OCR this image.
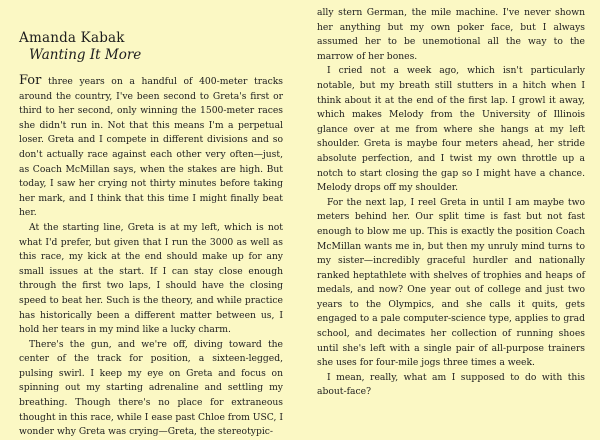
Amanda Kabak
Wanting It More

For three years on a handful of 400-meter tracks around the country, I've been second to Greta's first or third to her second, only winning the 1500-meter races she didn't run in. Not that this means I'm a perpetual loser. Greta and I compete in different divisions and so don't actually race against each other very often—just, as Coach McMillan says, when the stakes are high. But today, I saw her crying not thirty minutes before taking her mark, and I think that this time I might finally beat her.

At the starting line, Greta is at my left, which is not what I'd prefer, but given that I run the 3000 as well as this race, my kick at the end should make up for any small issues at the start. If I can stay close enough through the first two laps, I should have the closing speed to beat her. Such is the theory, and while practice has historically been a different matter between us, I hold her tears in my mind like a lucky charm.

There's the gun, and we're off, diving toward the center of the track for position, a sixteen-legged, pulsing swirl. I keep my eye on Greta and focus on spinning out my starting adrenaline and settling my breathing. Though there's no place for extraneous thought in this race, while I ease past Chloe from USC, I wonder why Greta was crying—Greta, the stereotypic-

ally stern German, the mile machine. I've never shown her anything but my own poker face, but I always assumed her to be unemotional all the way to the marrow of her bones.

I cried not a week ago, which isn't particularly notable, but my breath still stutters in a hitch when I think about it at the end of the first lap. I growl it away, which makes Melody from the University of Illinois glance over at me from where she hangs at my left shoulder. Greta is maybe four meters ahead, her stride absolute perfection, and I twist my own throttle up a notch to start closing the gap so I might have a chance. Melody drops off my shoulder.

For the next lap, I reel Greta in until I am maybe two meters behind her. Our split time is fast but not fast enough to blow me up. This is exactly the position Coach McMillan wants me in, but then my unruly mind turns to my sister—incredibly graceful hurdler and nationally ranked heptathlete with shelves of trophies and heaps of medals, and now? One year out of college and just two years to the Olympics, and she calls it quits, gets engaged to a pale computer-science type, applies to grad school, and decimates her collection of running shoes until she's left with a single pair of all-purpose trainers she uses for four-mile jogs three times a week.

I mean, really, what am I supposed to do with this about-face?
